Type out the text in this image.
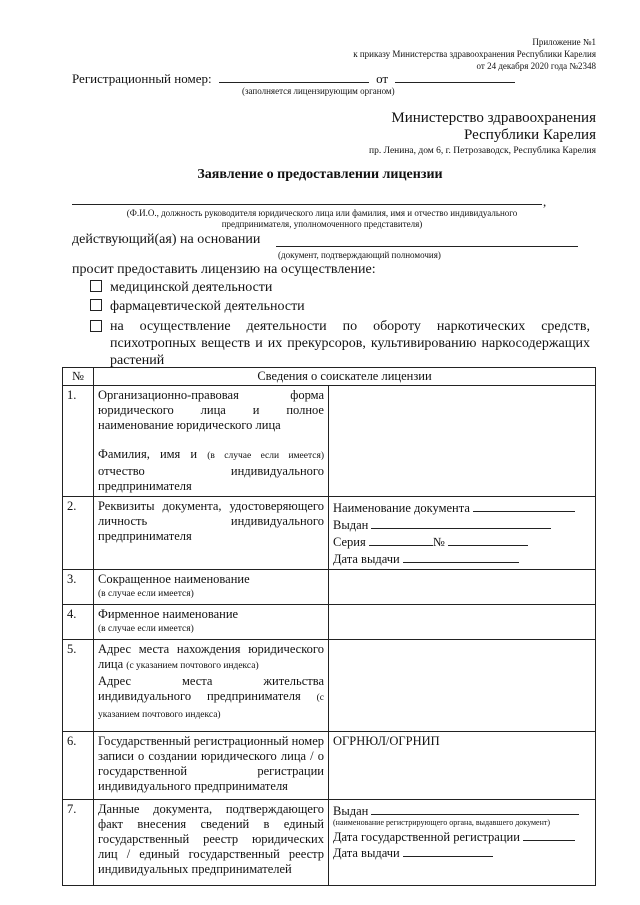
Приложение №1
к приказу Министерства здравоохранения Республики Карелия
от 24 декабря 2020 года №2348
Регистрационный номер:	от
(заполняется лицензирующим органом)
Министерство здравоохранения
Республики Карелия
пр. Ленина, дом 6, г. Петрозаводск, Республика Карелия
Заявление о предоставлении лицензии
,
(Ф.И.О., должность руководителя юридического лица или фамилия, имя и отчество индивидуального
предпринимателя, уполномоченного представителя)
действующий(ая) на основании
(документ, подтверждающий полномочия)
просит предоставить лицензию на осуществление:
медицинской деятельности
фармацевтической деятельности
на осуществление деятельности по обороту наркотических средств, психотропных веществ и их прекурсоров, культивированию наркосодержащих растений
№	Сведения о соискателе лицензии	
1.	Организационно-правовая форма юридического лица и полное наименование юридического лица
Фамилия, имя и (в случае если имеется) отчество индивидуального предпринимателя	

2.	Реквизиты документа, удостоверяющего личность индивидуального предпринимателя	Наименование документа
Выдан
Серия №
Дата выдачи

3.	Сокращенное наименование
(в случае если имеется)	

4.	Фирменное наименование
(в случае если имеется)	

5.	Адрес места нахождения юридического лица (с указанием почтового индекса)
Адрес места жительства индивидуального предпринимателя (с указанием почтового индекса)	

6.	Государственный регистрационный номер записи о создании юридического лица / о государственной регистрации индивидуального предпринимателя	ОГРНЮЛ/ОГРНИП
7.	Данные документа, подтверждающего факт внесения сведений в единый государственный реестр юридических лиц / единый государственный реестр индивидуальных предпринимателей	Выдан
(наименование регистрирующего органа, выдавшего документ)
Дата государственной регистрации
Дата выдачи
